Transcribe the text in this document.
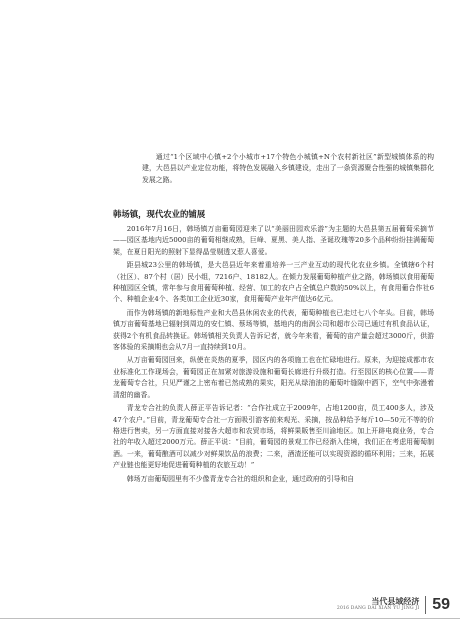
通过“1个区域中心镇+2个小城市+17个特色小城镇+N个农村新社区”新型城镇体系的构建，大邑县以产业定位功能，将特色发展融入乡镇建设，走出了一条资源聚合性强的城镇集群化发展之路。

韩场镇，现代农业的铺展

2016年7月16日，韩场镇万亩葡萄园迎来了以“美丽田园欢乐游”为主题的大邑县第五届葡萄采摘节——园区基地内近5000亩的葡萄相继成熟，巨峰、夏黑、美人指、圣诞玫瑰等20多个品种纷纷挂满葡萄架，在夏日阳光的照射下显得晶莹剔透又惹人喜爱。

距县城23公里的韩场镇，是大邑县近年来着重培养一三产业互动的现代化农业乡镇。全镇辖6个村（社区）、87个村（居）民小组，7216户、18182人。在倾力发展葡萄种植产业之路，韩场镇以食用葡萄种植园区全镇，常年参与食用葡萄种植、经营、加工的农户占全镇总户数的50%以上，有食用葡合作社6个、种植企业4个、各类加工企业近30家，食用葡萄产业年产值达6亿元。

而作为韩场镇的新地标性产业和大邑县休闲农业的代表，葡萄种植也已走过七八个年头。目前，韩场镇万亩葡萄基地已辐射到周边的安仁镇、蔡场等镇，基地内的南润公司和超市公司已通过有机食品认证，获得2个有机食品转换证。韩场镇相关负责人告诉记者，就今年来看，葡萄的亩产量会超过3000斤，供游客体验的采摘期也会从7月一直持续到10月。

从万亩葡萄园回来，纵使在炎热的夏季，园区内的各项施工也在忙碌地进行。原来，为迎接成都市农业标准化工作现场会，葡萄园正在加紧对旅游设施和葡萄长廊进行升级打造。行至园区的核心位置——青龙葡萄专合社，只见严谨之上密布着已然成熟的果实，阳光从绿油油的葡萄叶缝隙中洒下，空气中弥漫着清甜的幽香。

青龙专合社的负责人薛正平告诉记者：“合作社成立于2009年，占地1200亩，员工400多人，涉及47个农户。”目前，青龙葡萄专合社一方面吸引游客前来观光、采摘，按品种给予每斤10—50元不等的价格进行售卖，另一方面直接对接各大超市和农贸市场，将鲜果販售至川渝地区。加上开辟电商业务，专合社的年收入超过2000万元。薛正平说：“目前，葡萄园的景观工作已经渐入佳境，我们正在考虑用葡萄制酒。一来，葡萄酿酒可以减少对鲜果饮品的浪费；二来，酒渣还能可以实现资源的循环利用；三来，拓展产业链也能更好地促进葡萄种植的农旅互动！”

韩场万亩葡萄园里有不少像青龙专合社的组织和企业，通过政府的引导和自

当代县域经济
2016 DANG DAI XIAN YU JING JI 59
